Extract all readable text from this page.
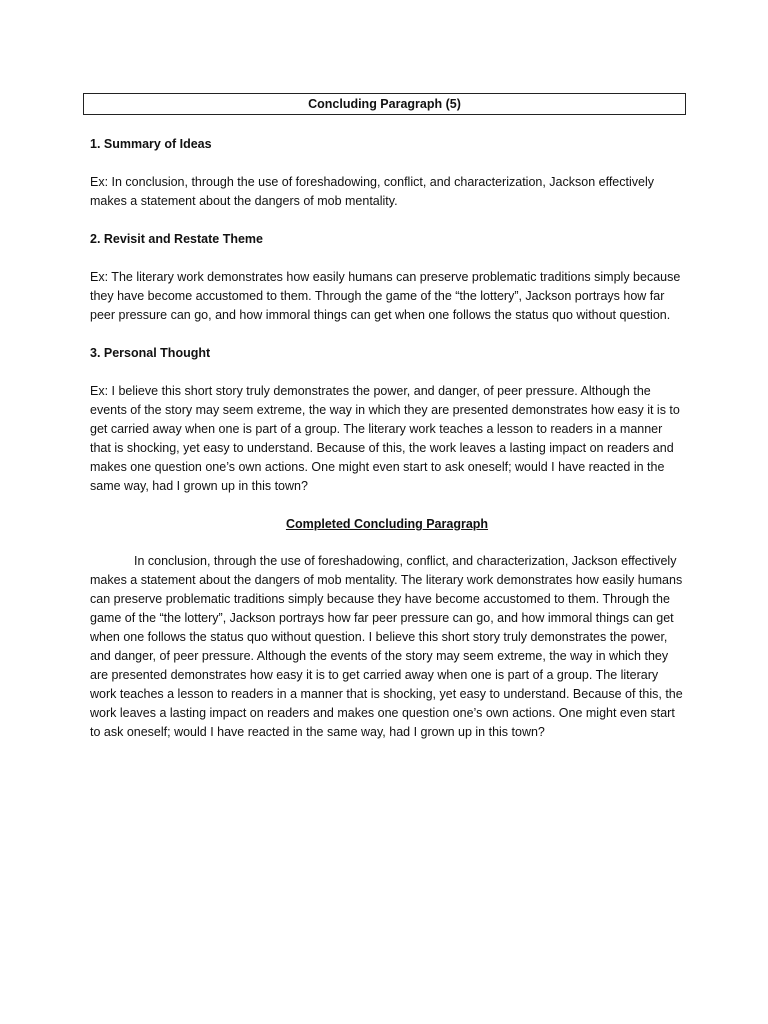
Concluding Paragraph (5)

1. Summary of Ideas

Ex: In conclusion, through the use of foreshadowing, conflict, and characterization, Jackson effectively makes a statement about the dangers of mob mentality.

2. Revisit and Restate Theme

Ex: The literary work demonstrates how easily humans can preserve problematic traditions simply because they have become accustomed to them. Through the game of the “the lottery”, Jackson portrays how far peer pressure can go, and how immoral things can get when one follows the status quo without question.

3. Personal Thought

Ex: I believe this short story truly demonstrates the power, and danger, of peer pressure. Although the events of the story may seem extreme, the way in which they are presented demonstrates how easy it is to get carried away when one is part of a group. The literary work teaches a lesson to readers in a manner that is shocking, yet easy to understand. Because of this, the work leaves a lasting impact on readers and makes one question one’s own actions. One might even start to ask oneself; would I have reacted in the same way, had I grown up in this town?

Completed Concluding Paragraph

In conclusion, through the use of foreshadowing, conflict, and characterization, Jackson effectively makes a statement about the dangers of mob mentality. The literary work demonstrates how easily humans can preserve problematic traditions simply because they have become accustomed to them. Through the game of the “the lottery”, Jackson portrays how far peer pressure can go, and how immoral things can get when one follows the status quo without question. I believe this short story truly demonstrates the power, and danger, of peer pressure. Although the events of the story may seem extreme, the way in which they are presented demonstrates how easy it is to get carried away when one is part of a group. The literary work teaches a lesson to readers in a manner that is shocking, yet easy to understand. Because of this, the work leaves a lasting impact on readers and makes one question one’s own actions. One might even start to ask oneself; would I have reacted in the same way, had I grown up in this town?
